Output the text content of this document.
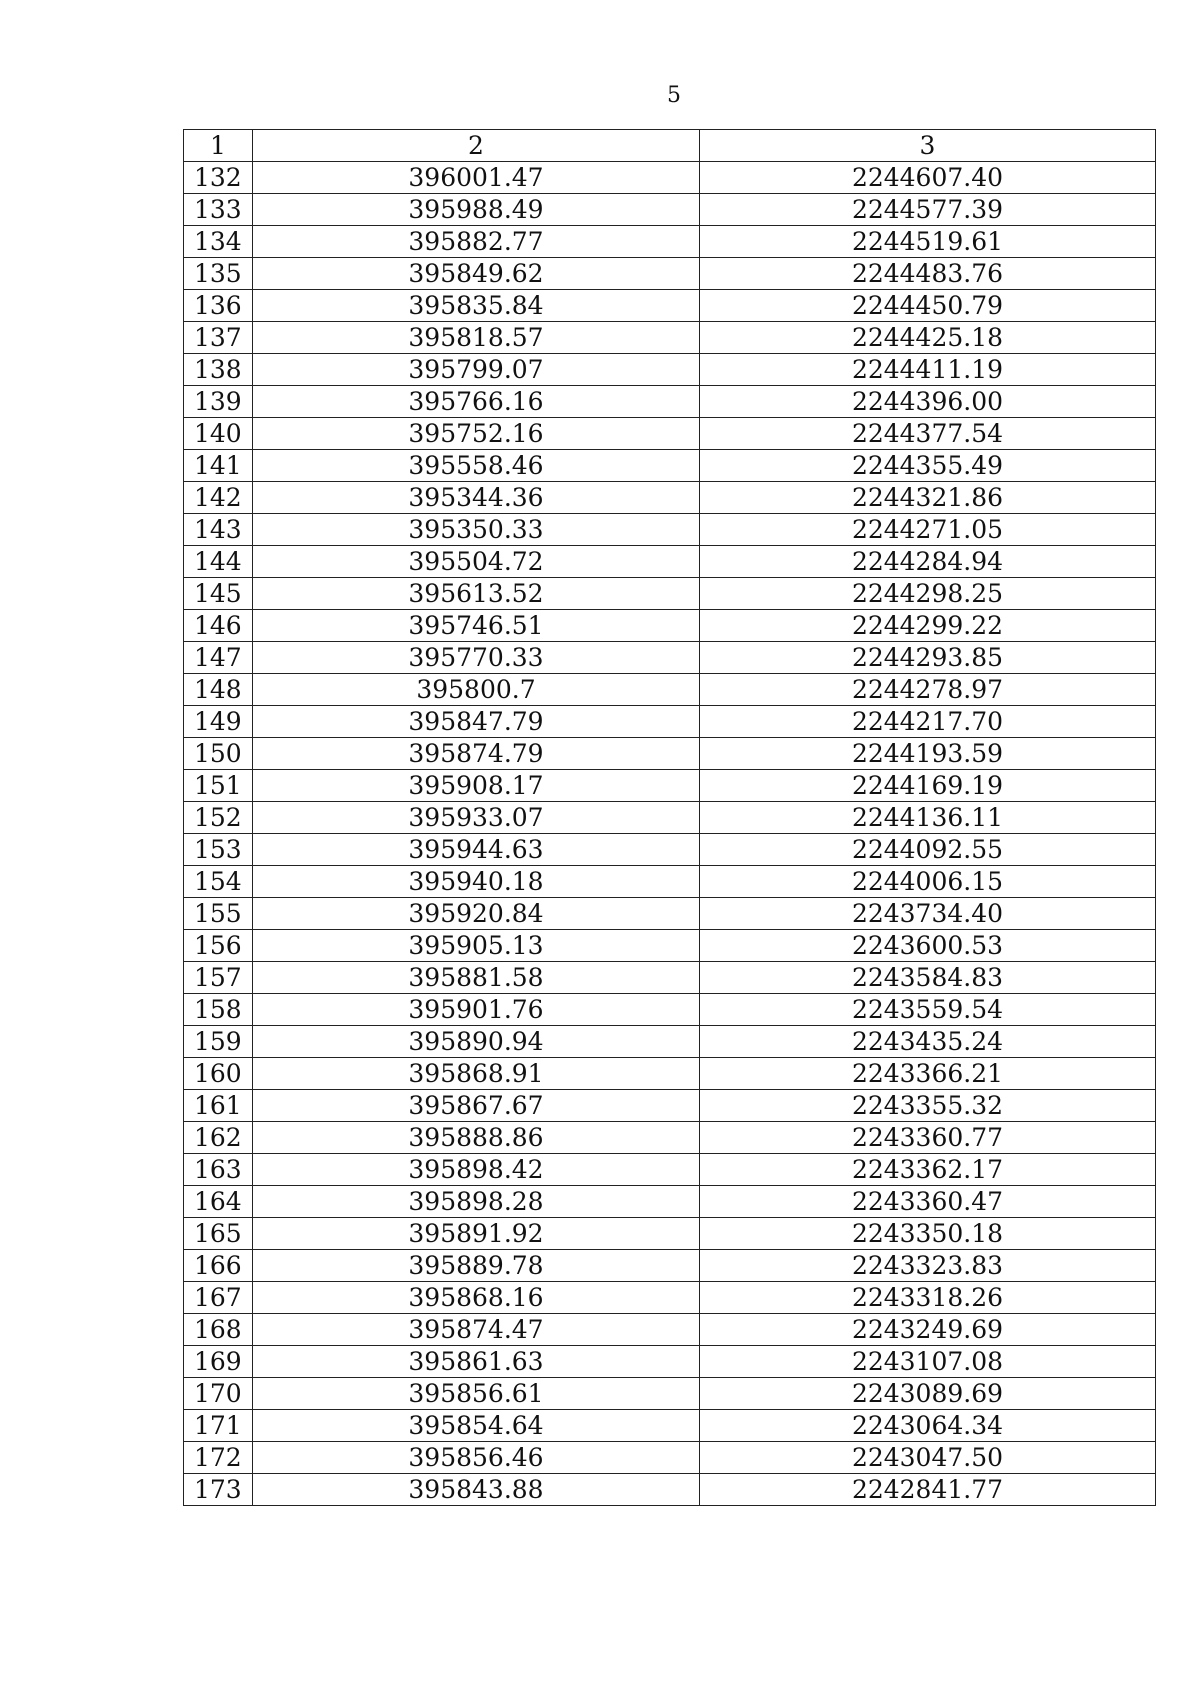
5
1	2	3
132	396001.47	2244607.40
133	395988.49	2244577.39
134	395882.77	2244519.61
135	395849.62	2244483.76
136	395835.84	2244450.79
137	395818.57	2244425.18
138	395799.07	2244411.19
139	395766.16	2244396.00
140	395752.16	2244377.54
141	395558.46	2244355.49
142	395344.36	2244321.86
143	395350.33	2244271.05
144	395504.72	2244284.94
145	395613.52	2244298.25
146	395746.51	2244299.22
147	395770.33	2244293.85
148	395800.7	2244278.97
149	395847.79	2244217.70
150	395874.79	2244193.59
151	395908.17	2244169.19
152	395933.07	2244136.11
153	395944.63	2244092.55
154	395940.18	2244006.15
155	395920.84	2243734.40
156	395905.13	2243600.53
157	395881.58	2243584.83
158	395901.76	2243559.54
159	395890.94	2243435.24
160	395868.91	2243366.21
161	395867.67	2243355.32
162	395888.86	2243360.77
163	395898.42	2243362.17
164	395898.28	2243360.47
165	395891.92	2243350.18
166	395889.78	2243323.83
167	395868.16	2243318.26
168	395874.47	2243249.69
169	395861.63	2243107.08
170	395856.61	2243089.69
171	395854.64	2243064.34
172	395856.46	2243047.50
173	395843.88	2242841.77
